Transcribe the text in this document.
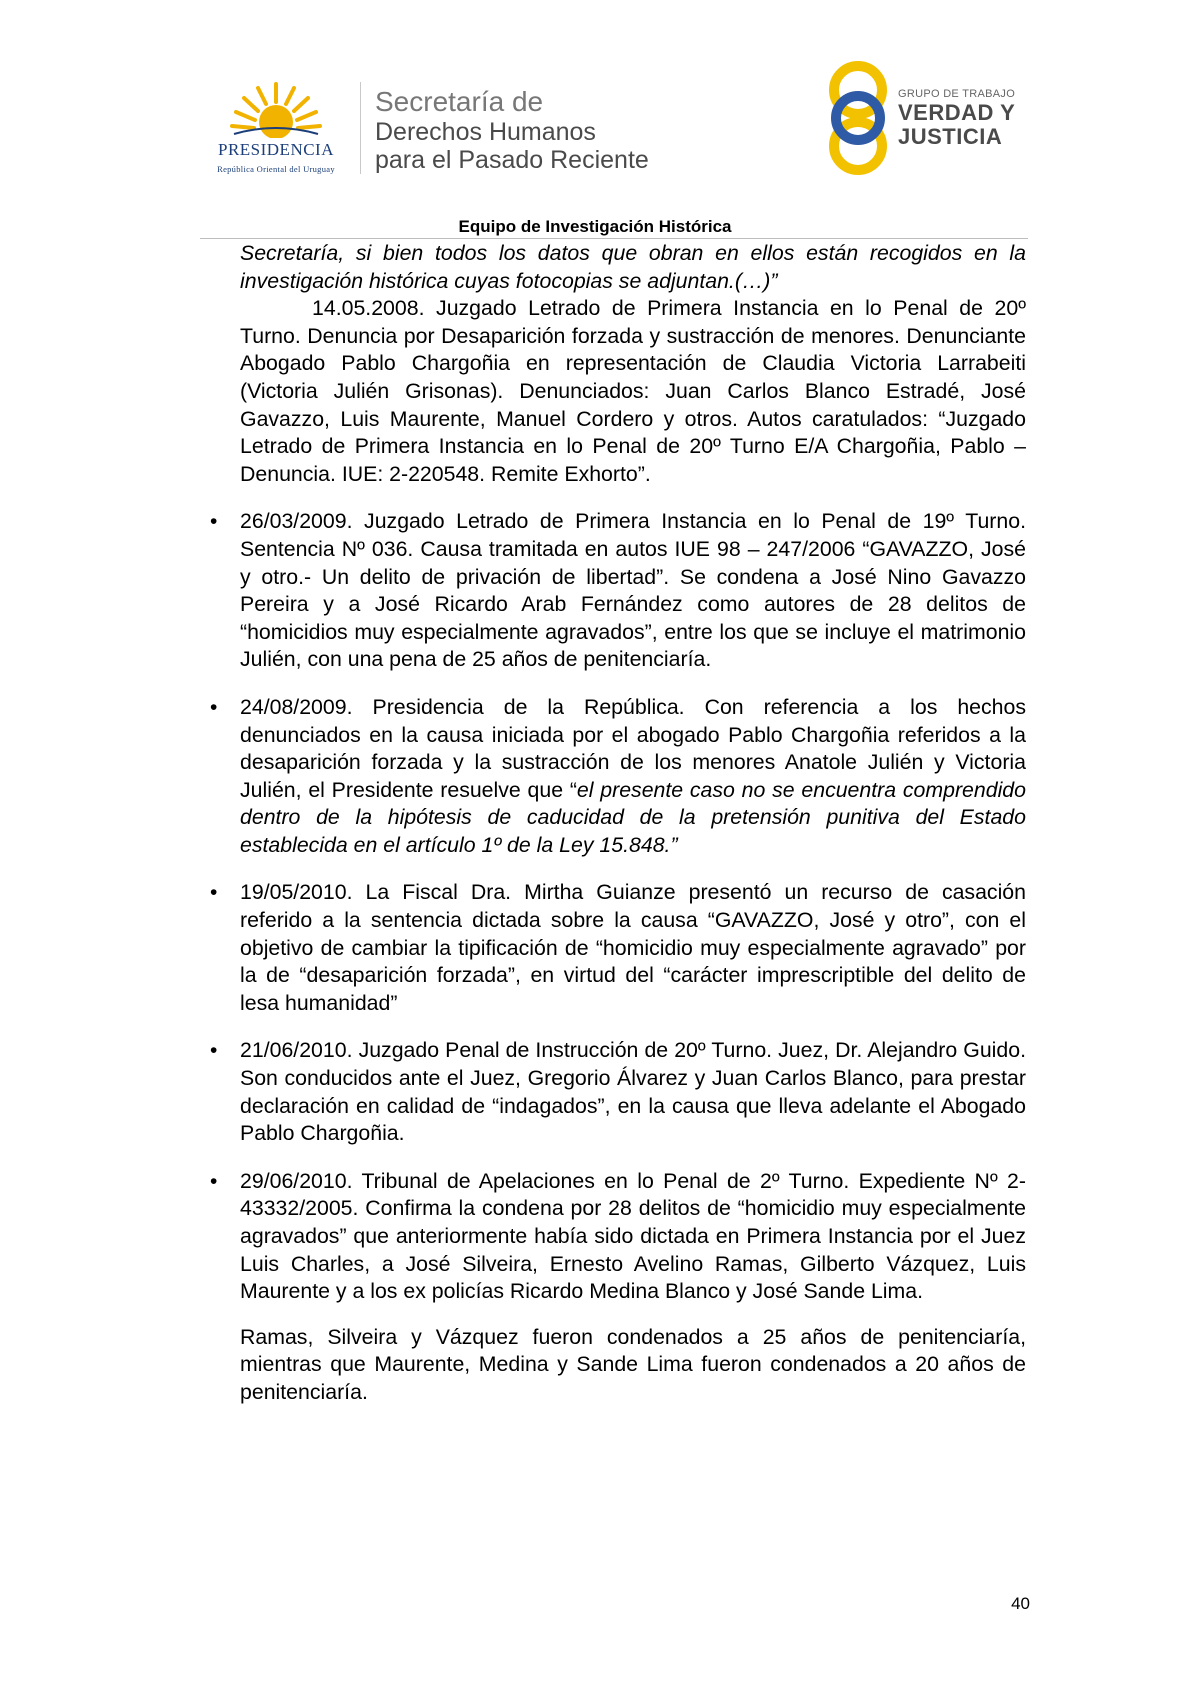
PRESIDENCIA
República Oriental del Uruguay
Secretaría de
Derechos Humanos
para el Pasado Reciente
GRUPO DE TRABAJO
VERDAD Y
JUSTICIA
Equipo de Investigación Histórica

Secretaría, si bien todos los datos que obran en ellos están recogidos en la investigación histórica cuyas fotocopias se adjuntan.(…)”

14.05.2008. Juzgado Letrado de Primera Instancia en lo Penal de 20º Turno. Denuncia por Desaparición forzada y sustracción de menores. Denunciante Abogado Pablo Chargoñia en representación de Claudia Victoria Larrabeiti (Victoria Julién Grisonas). Denunciados: Juan Carlos Blanco Estradé, José Gavazzo, Luis Maurente, Manuel Cordero y otros. Autos caratulados: “Juzgado Letrado de Primera Instancia en lo Penal de 20º Turno E/A Chargoñia, Pablo – Denuncia. IUE: 2-220548. Remite Exhorto”.

• 26/03/2009. Juzgado Letrado de Primera Instancia en lo Penal de 19º Turno. Sentencia Nº 036. Causa tramitada en autos IUE 98 – 247/2006 “GAVAZZO, José y otro.- Un delito de privación de libertad”. Se condena a José Nino Gavazzo Pereira y a José Ricardo Arab Fernández como autores de 28 delitos de “homicidios muy especialmente agravados”, entre los que se incluye el matrimonio Julién, con una pena de 25 años de penitenciaría.

• 24/08/2009. Presidencia de la República. Con referencia a los hechos denunciados en la causa iniciada por el abogado Pablo Chargoñia referidos a la desaparición forzada y la sustracción de los menores Anatole Julién y Victoria Julién, el Presidente resuelve que “el presente caso no se encuentra comprendido dentro de la hipótesis de caducidad de la pretensión punitiva del Estado establecida en el artículo 1º de la Ley 15.848.”

• 19/05/2010. La Fiscal Dra. Mirtha Guianze presentó un recurso de casación referido a la sentencia dictada sobre la causa “GAVAZZO, José y otro”, con el objetivo de cambiar la tipificación de “homicidio muy especialmente agravado” por la de “desaparición forzada”, en virtud del “carácter imprescriptible del delito de lesa humanidad”

• 21/06/2010. Juzgado Penal de Instrucción de 20º Turno. Juez, Dr. Alejandro Guido. Son conducidos ante el Juez, Gregorio Álvarez y Juan Carlos Blanco, para prestar declaración en calidad de “indagados”, en la causa que lleva adelante el Abogado Pablo Chargoñia.

• 29/06/2010. Tribunal de Apelaciones en lo Penal de 2º Turno. Expediente Nº 2-43332/2005. Confirma la condena por 28 delitos de “homicidio muy especialmente agravados” que anteriormente había sido dictada en Primera Instancia por el Juez Luis Charles, a José Silveira, Ernesto Avelino Ramas, Gilberto Vázquez, Luis Maurente y a los ex policías Ricardo Medina Blanco y José Sande Lima.

Ramas, Silveira y Vázquez fueron condenados a 25 años de penitenciaría, mientras que Maurente, Medina y Sande Lima fueron condenados a 20 años de penitenciaría.

40
